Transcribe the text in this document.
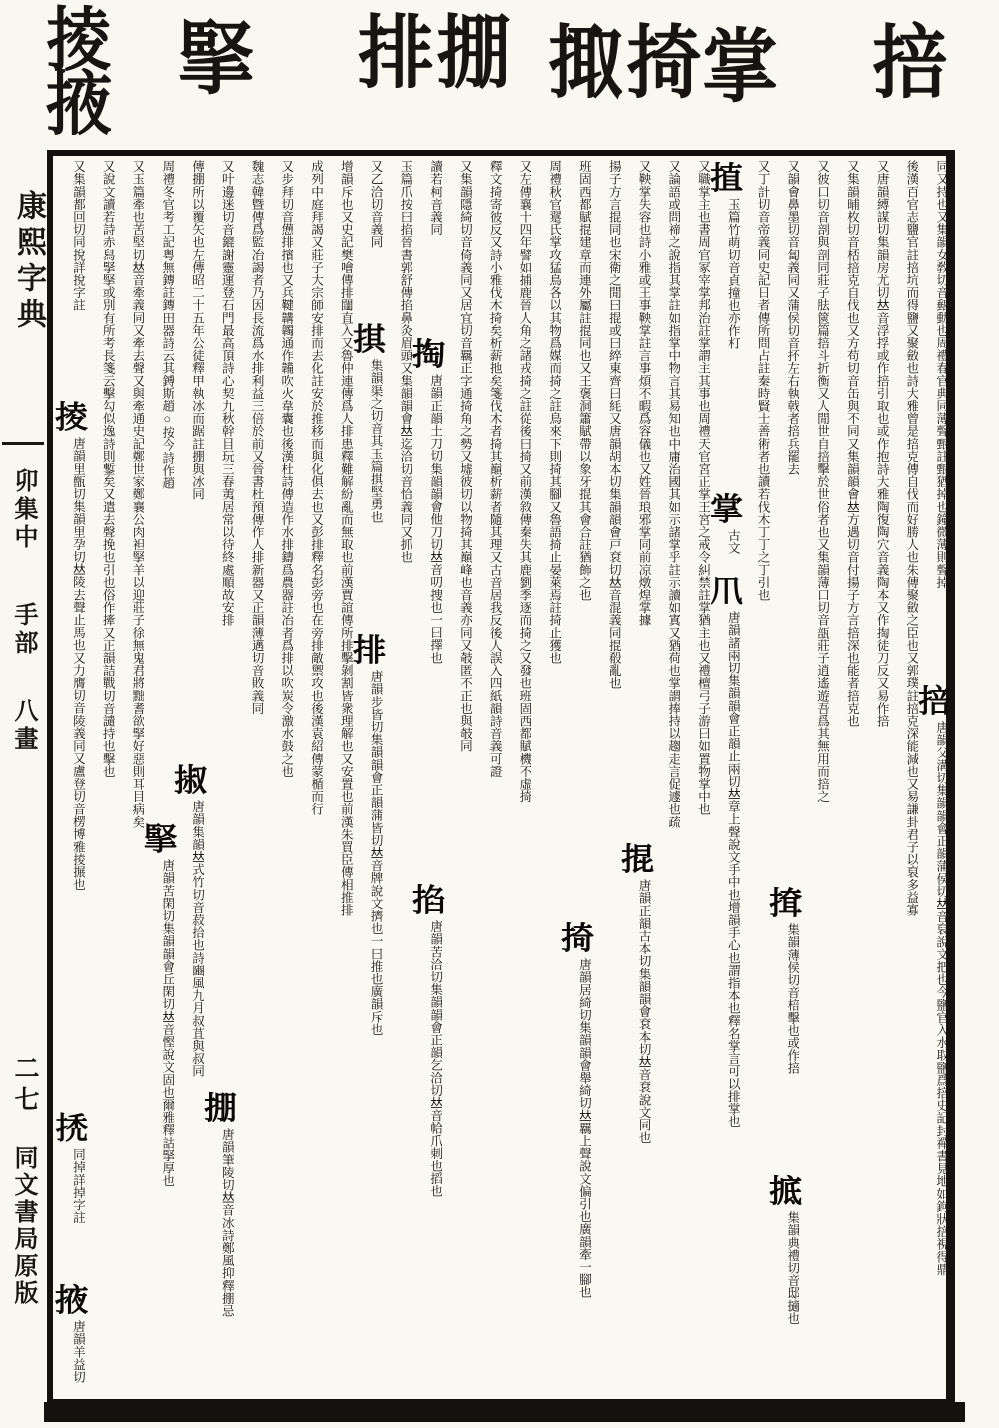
掊
掌
掫 掎
排 掤
掔
掕
掖
康熙字典
卯集中
手部
八畫
二七
同文書局原版
同又持也又集韻女敎切音甀動也周禮春官典同薄聲甄註甄猶掉也鐘微薄則聲掉
掊
唐韻父溝切集韻韻會正韻蒲侯切𠀤音裒說文把也今鹽官入水取鹽爲掊史記封禪書見地如鉤狀掊視得鼎
後漢百官志鹽官註掊坑而得鹽又聚斂也詩大雅曾是掊克傳自伐而好勝人也朱傳聚斂之臣也又郭璞註掊克深能減也又易謙卦君子以裒多益寡
又唐韻縛謀切集韻房尤切𠀤音浮捊或作掊引取也或作抱詩大雅陶復陶穴音義陶本又作掏徒刀反又易作掊
又集韻晡枚切音桮掊克自伐也又方苟切音缶與不同又集韻韻會𠀤方遇切音付揚子方言掊深也能者掊克也
又彼口切音剖與剖同莊子胠篋篇掊斗折衡又人閒世自掊擊於世俗者也又集韻薄口切音瓿莊子逍遙遊吾爲其無用而掊之
又韻會鼻墨切音匐義同又蒲侯切音抔左右執戟者掊兵罷去
𢱕
集韻薄侯切音棓擊也或作掊
掋
集韻典禮切音邸擿也
又丁計切音帝義同史記日者傳所問占註秦時賢士善術者也讀若伐木丁丁之丁引也
㨁
玉篇竹萌切音貞撞也亦作朾
掌
古文
𤓯
唐韻諸兩切集韻韻會正韻止兩切𠀤章上聲說文手中也增韻手心也謂指本也釋名掌言可以排掌也
又職掌主也書周官冢宰掌邦治註掌謂主其事也周禮天官宮正掌王宮之戒令糾禁註掌猶主也又禮檀弓子游曰如置物掌中也
又論語或問禘之說指其掌註如指掌中物言其易知也中庸治國其如示諸掌乎註示讀如寘又猶荷也掌謂捧持以趨走言促遽也疏
又鞅掌失容也詩小雅或王事鞅掌註言事煩不暇爲容儀也又姓晉琅邪掌同前凉燉煌掌據
掍
唐韻正韻古本切集韻韻會袞本切𠀤音袞說文同也
揚子方言掍同也宋衛之閒曰掍或曰綷東齊曰䋃又唐韻胡本切集韻韻會戸袞切𠀤音混義同掍殽亂也
班固西都賦掍建章而連外屬註掍同也又王褒洞簫賦帶以象牙掍其會合註猶飾之也
掎
唐韻居綺切集韻韻會舉綺切𠀤羈上聲說文偏引也廣韻牽一腳也
周禮秋官翨氏掌攻猛鳥各以其物爲媒而掎之註鳥來下則掎其腳又魯語掎止晏萊焉註掎止獲也
又左傳襄十四年譬如捕鹿晉人角之諸戎掎之註從後曰掎又前漢敘傳秦失其鹿劉季逐而掎之又發也班固西都賦機不虛掎
釋文掎寄彼反又詩小雅伐木掎矣析薪扡矣箋伐木者掎其巔析薪者隨其理又古音居我反後人誤入四紙韻詩音義可證
又集韻隱綺切音倚義同又居宜切音羈正字通掎角之勢又墟彼切以物掎其巔峰也音義亦同又攲匿不正也與攲同
讀若柯音義同
掏
唐韻正韻土刀切集韻韻會他刀切𠀤音叨捜也一曰擇也
掐
唐韻苦洽切集韻韻會正韻乞洽切𠀤音帢爪刺也搯也
玉篇爪按曰掐晉書郭舒傳掐鼻灸眉頭又集韻韻會𠀤迄洽切音恰義同又抓也
又乙洽切音義同
掑
集韻渠之切音其玉篇掑堅勇也
排
唐韻步皆切集韻韻會正韻蒲皆切𠀤音牌說文擠也一曰推也廣韻斥也
增韻斥也又史記樊噲傳排闥直入又魯仲連傳爲人排患釋難解紛亂而無取也前漢賈誼傳所排擊剝割皆衆理解也又安置也前漢朱買臣傳相推排
成列中庭拜謁又莊子大宗師安排而去化註安於推移而與化俱去也又彭排釋名彭旁也在旁排敵禦攻也後漢袁紹傳蒙楯而行
又步拜切音憊排擯也又兵鞬韝韣通作韛吹火韋囊也後漢杜詩傳造作水排鑄爲農器註冶者爲排以吹炭令激水鼓之也
魏志韓曁傳爲監冶謁者乃因長流爲水排利益三倍於前又晉書杜預傳作人排新器又正韻薄邁切音敗義同
又叶邊迷切音鎞謝靈運登石門最高頂詩心契九秋幹目玩三春荑居常以待終處順故安排
掤
唐韻筆陵切𠀤音冰詩鄭風抑釋掤忌
傳掤所以覆矢也左傳昭二十五年公徒釋甲執冰而踞註掤與冰同
掓
唐韻集韻𠀤式竹切音菽拾也詩豳風九月叔苴與叔同
周禮冬官考工記粤無鏄註鏄田器詩云其鎛斯趙○按今詩作趙
掔
唐韻苦閑切集韻韻會丘閑切𠀤音慳說文固也爾雅釋詁掔厚也
又玉篇牽也苦堅切𠀤音牽義同又牽去聲又與牽通史記鄭世家鄭襄公肉袒掔羊以迎莊子徐無鬼君將黜耆欲掔好惡則耳目病矣
又說文讀若詩赤舄掔掔或別有所考長箋云擊勾似逸詩則鏨矣又遣去聲挽也引也俗作撁又正韻詰戰切音譴持也擊也
又集韻都回切同挩詳挩字註
掕
唐韻里甑切集韻里孕切𠀤陵去聲止馬也又力膺切音陵義同又盧登切音楞博雅掕搌也
𢬳
同掉詳掉字註
掖
唐韻羊益切
